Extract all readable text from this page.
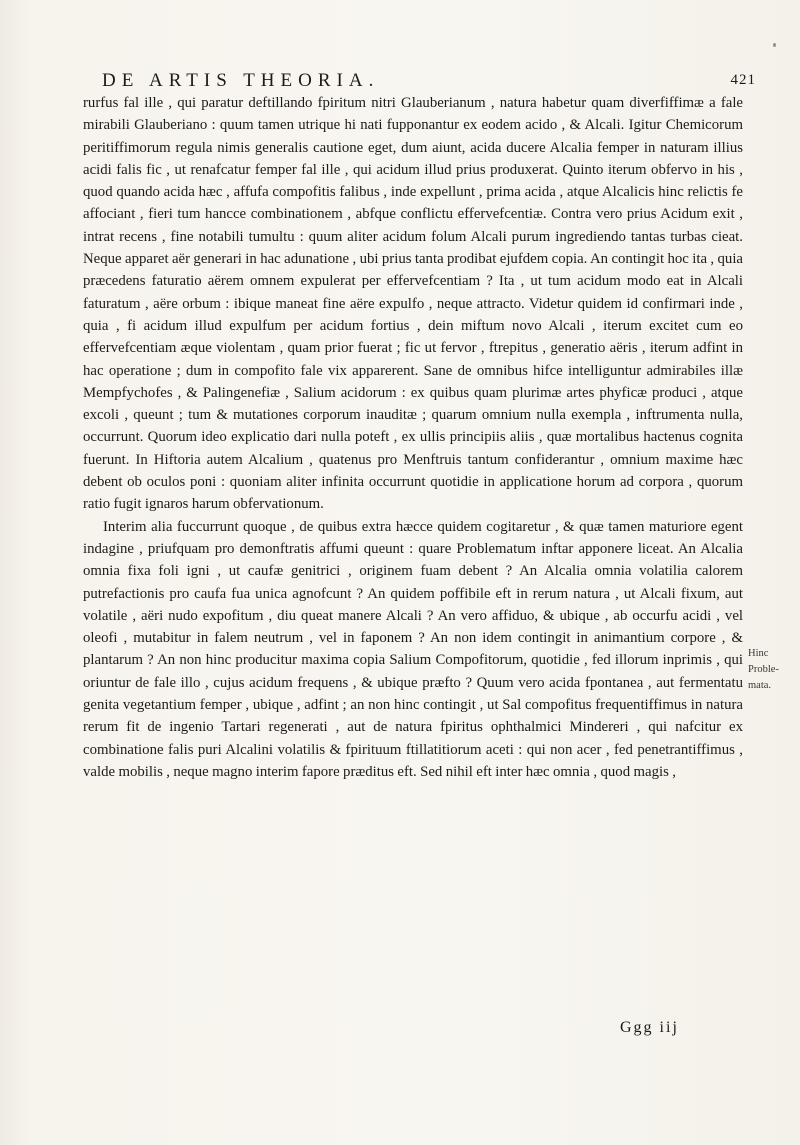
DE ARTIS THEORIA.	421

rurfus fal ille , qui paratur deftillando fpiritum nitri Glauberianum , natura habetur quam diverfiffimæ a fale mirabili Glauberiano : quum tamen utrique hi nati fupponantur ex eodem acido , & Alcali. Igitur Chemicorum peritiffimorum regula nimis generalis cautione eget, dum aiunt, acida ducere Alcalia femper in naturam illius acidi falis fic , ut renafcatur femper fal ille , qui acidum illud prius produxerat. Quinto iterum obfervo in his , quod quando acida hæc , affufa compofitis falibus , inde expellunt , prima acida , atque Alcalicis hinc relictis fe affociant , fieri tum hancce combinationem , abfque conflictu effervefcentiæ. Contra vero prius Acidum exit , intrat recens , fine notabili tumultu : quum aliter acidum folum Alcali purum ingrediendo tantas turbas cieat. Neque apparet aër generari in hac adunatione , ubi prius tanta prodibat ejufdem copia. An contingit hoc ita , quia præcedens faturatio aërem omnem expulerat per effervefcentiam ? Ita , ut tum acidum modo eat in Alcali faturatum , aëre orbum : ibique maneat fine aëre expulfo , neque attracto. Videtur quidem id confirmari inde , quia , fi acidum illud expulfum per acidum fortius , dein miftum novo Alcali , iterum excitet cum eo effervefcentiam æque violentam , quam prior fuerat ; fic ut fervor , ftrepitus , generatio aëris , iterum adfint in hac operatione ; dum in compofito fale vix apparerent. Sane de omnibus hifce intelliguntur admirabiles illæ Mempfychofes , & Palingenefiæ , Salium acidorum : ex quibus quam plurimæ artes phyficæ produci , atque excoli , queunt ; tum & mutationes corporum inauditæ ; quarum omnium nulla exempla , inftrumenta nulla, occurrunt. Quorum ideo explicatio dari nulla poteft , ex ullis principiis aliis , quæ mortalibus hactenus cognita fuerunt. In Hiftoria autem Alcalium , quatenus pro Menftruis tantum confiderantur , omnium maxime hæc debent ob oculos poni : quoniam aliter infinita occurrunt quotidie in applicatione horum ad corpora , quorum ratio fugit ignaros harum obfervationum.

Interim alia fuccurrunt quoque , de quibus extra hæcce quidem cogitaretur , & quæ tamen maturiore egent indagine , priufquam pro demonftratis affumi queunt : quare Problematum inftar apponere liceat. An Alcalia omnia fixa foli igni , ut caufæ genitrici , originem fuam debent ? An Alcalia omnia volatilia calorem putrefactionis pro caufa fua unica agnofcunt ? An quidem poffibile eft in rerum natura , ut Alcali fixum, aut volatile , aëri nudo expofitum , diu queat manere Alcali ? An vero affiduo, & ubique , ab occurfu acidi , vel oleofi , mutabitur in falem neutrum , vel in faponem ? An non idem contingit in animantium corpore , & plantarum ? An non hinc producitur maxima copia Salium Compofitorum, quotidie , fed illorum inprimis , qui oriuntur de fale illo , cujus acidum frequens , & ubique præfto ? Quum vero acida fpontanea , aut fermentatu genita vegetantium femper , ubique , adfint ; an non hinc contingit , ut Sal compofitus frequentiffimus in natura rerum fit de ingenio Tartari regenerati , aut de natura fpiritus ophthalmici Mindereri , qui nafcitur ex combinatione falis puri Alcalini volatilis & fpirituum ftillatitiorum aceti : qui non acer , fed penetrantiffimus , valde mobilis , neque magno interim fapore præditus eft. Sed nihil eft inter hæc omnia , quod magis ,

Hinc Proble-
mata.
Ggg iij
